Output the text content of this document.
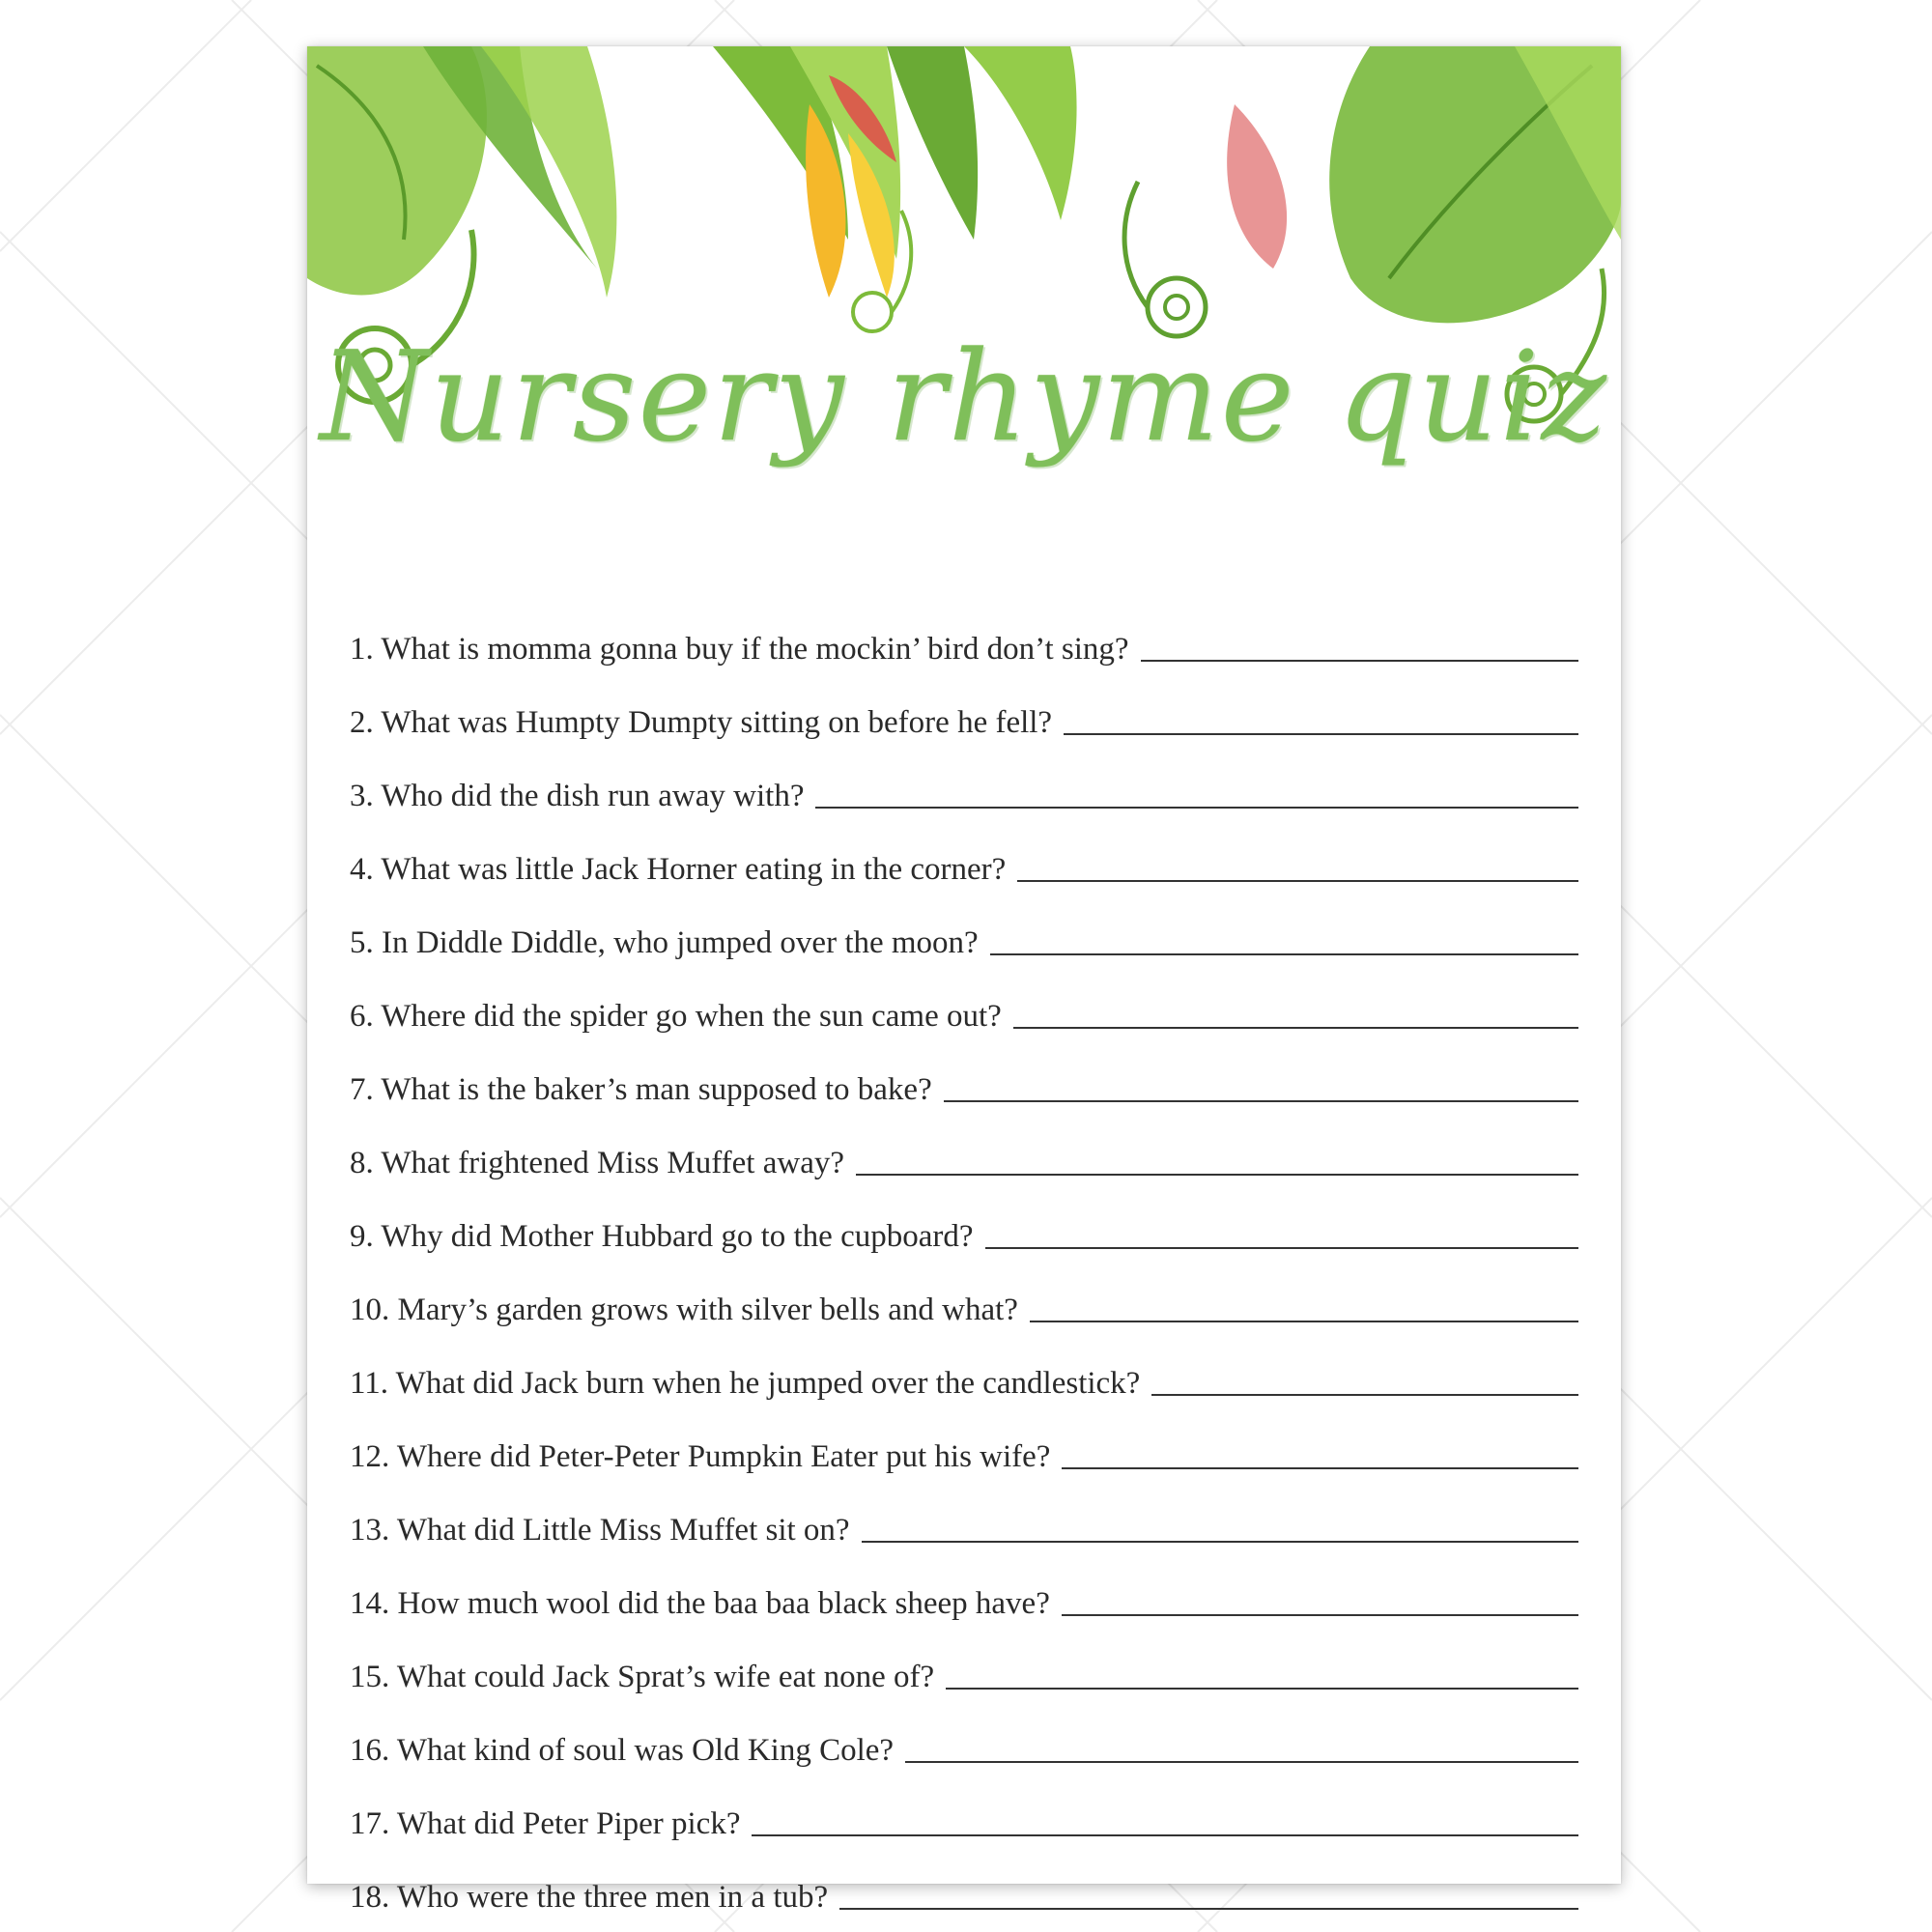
Nursery rhyme quiz
1. What is momma gonna buy if the mockin’ bird don’t sing?
2. What was Humpty Dumpty sitting on before he fell?
3. Who did the dish run away with?
4. What was little Jack Horner eating in the corner?
5. In Diddle Diddle, who jumped over the moon?
6. Where did the spider go when the sun came out?
7. What is the baker’s man supposed to bake?
8. What frightened Miss Muffet away?
9. Why did Mother Hubbard go to the cupboard?
10. Mary’s garden grows with silver bells and what?
11. What did Jack burn when he jumped over the candlestick?
12. Where did Peter-Peter Pumpkin Eater put his wife?
13. What did Little Miss Muffet sit on?
14. How much wool did the baa baa black sheep have?
15. What could Jack Sprat’s wife eat none of?
16. What kind of soul was Old King Cole?
17. What did Peter Piper pick?
18. Who were the three men in a tub?
